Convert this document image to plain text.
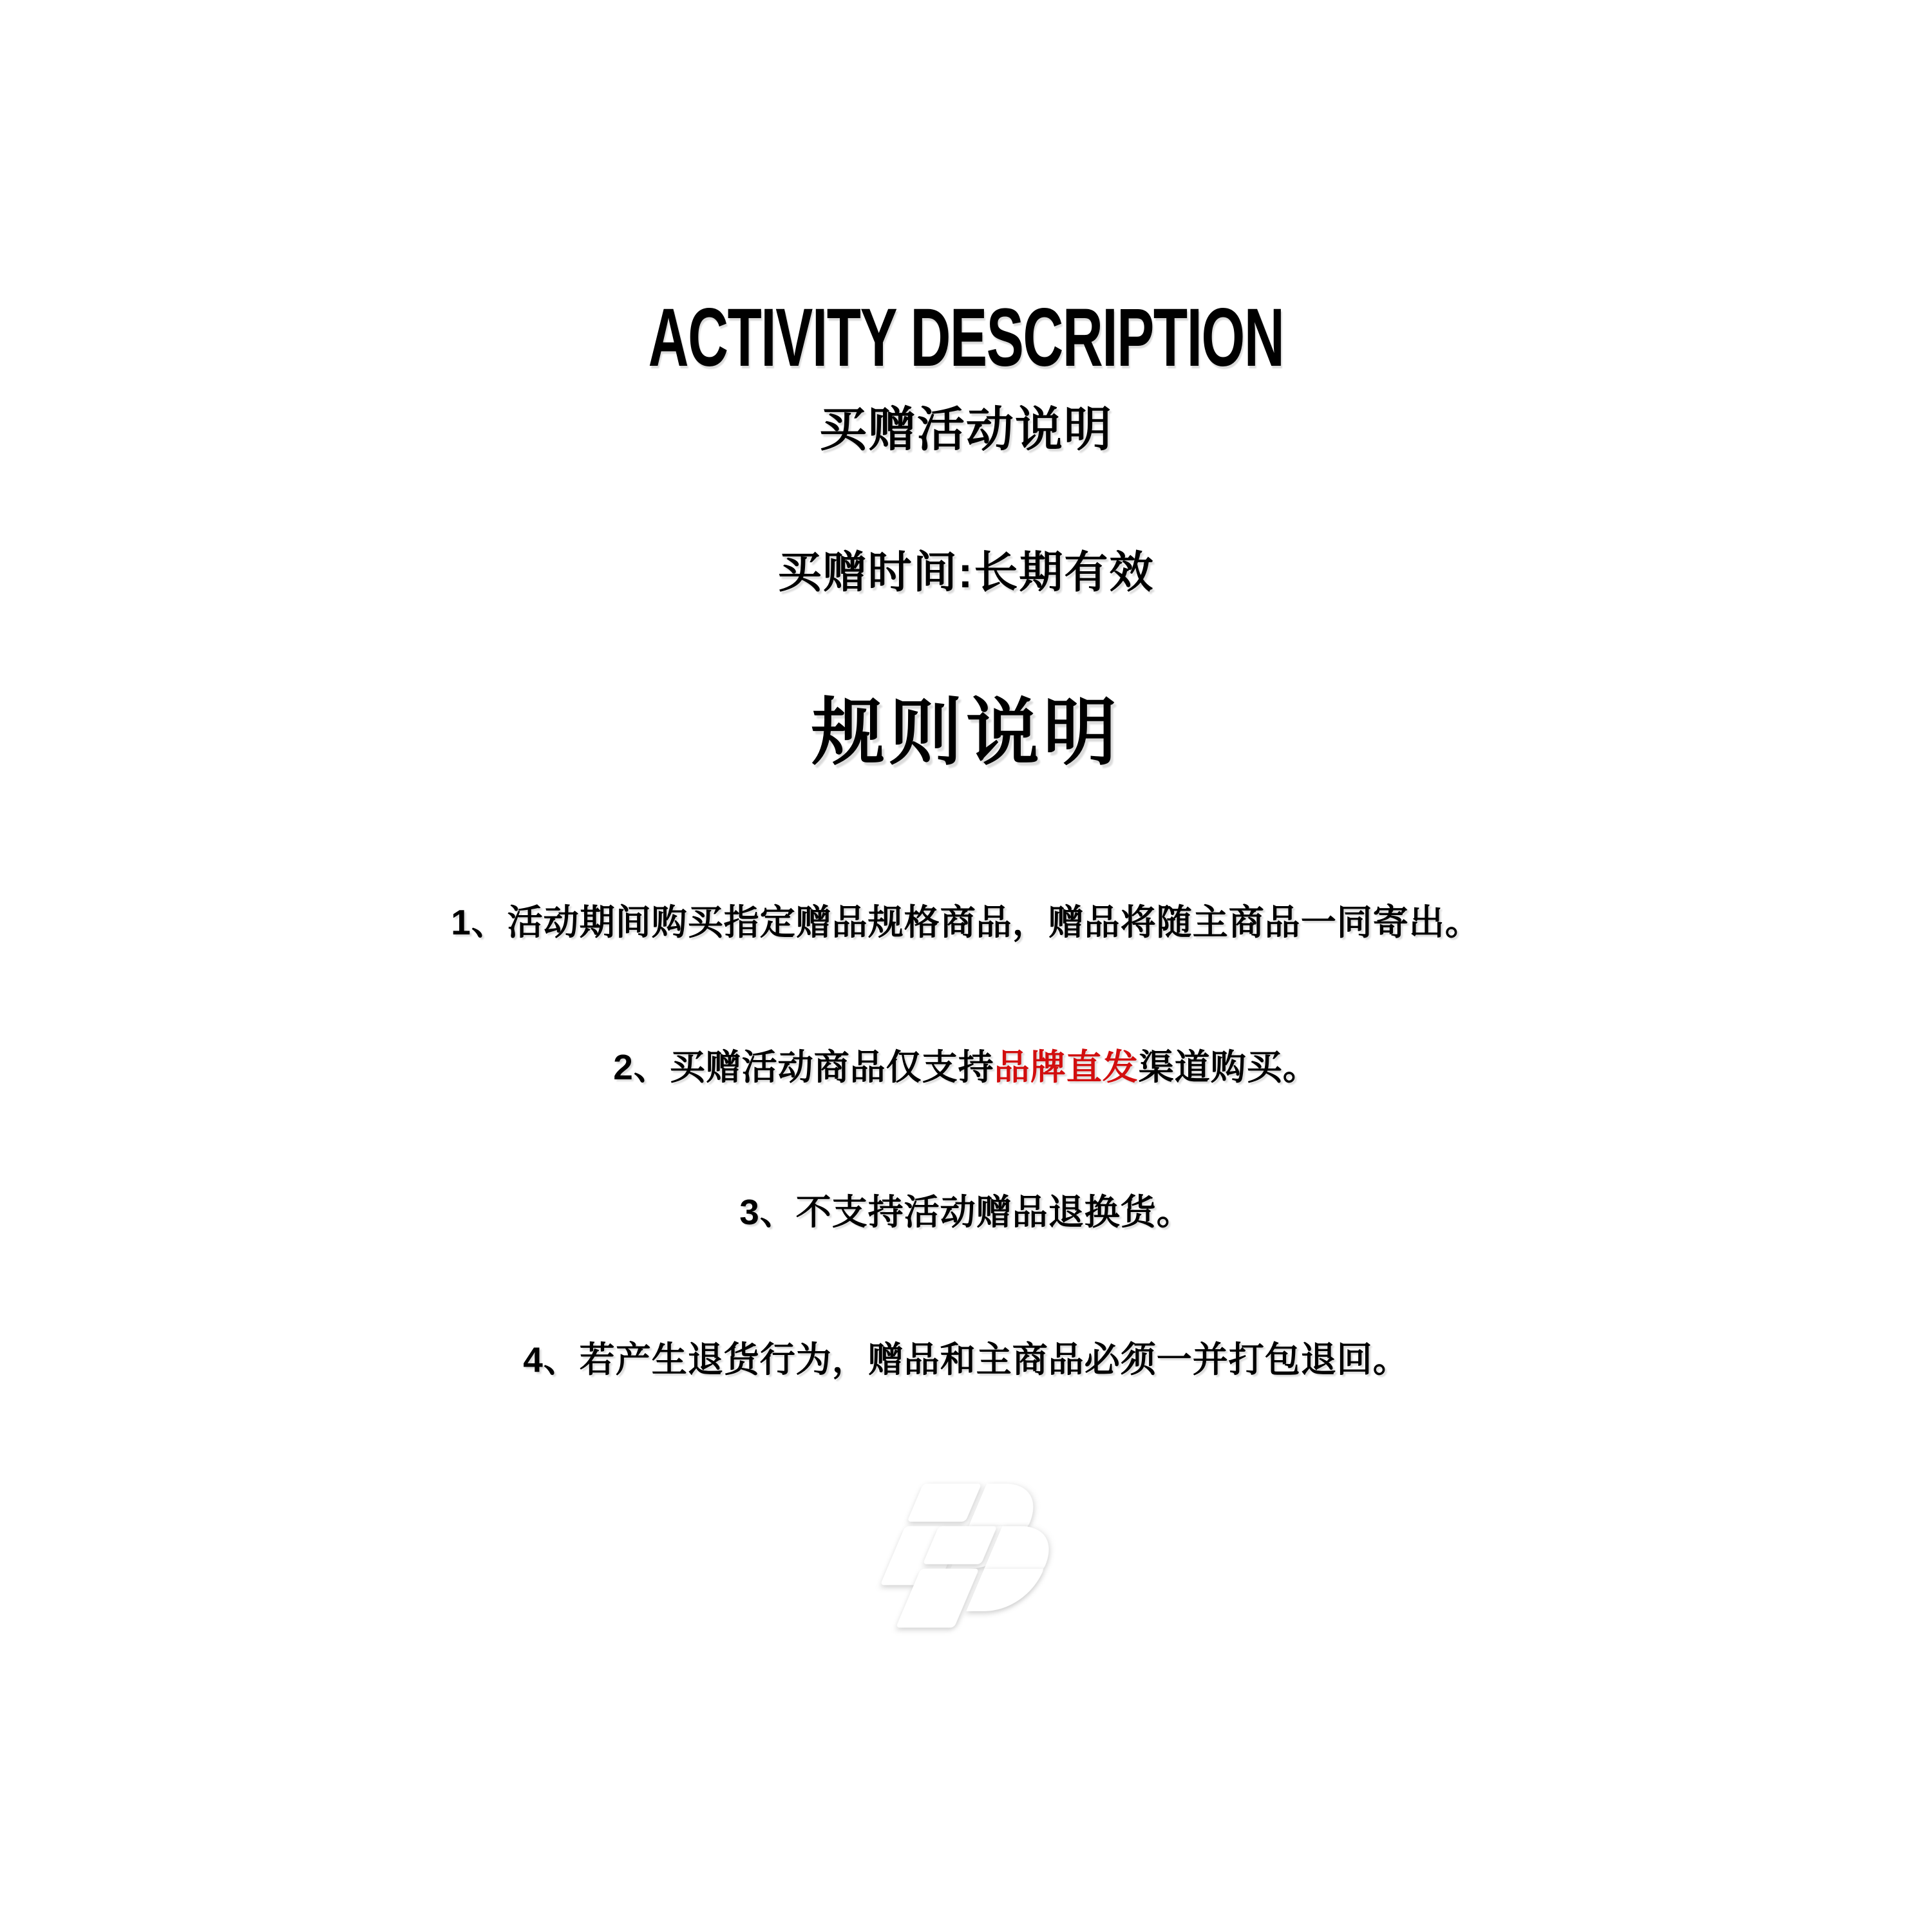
ACTIVITY DESCRIPTION
买赠活动说明
买赠时间:长期有效
规则说明

1、活动期间购买指定赠品规格商品，赠品将随主商品一同寄出。

2、买赠活动商品仅支持品牌直发渠道购买。

3、不支持活动赠品退换货。

4、若产生退货行为，赠品和主商品必须一并打包退回。
